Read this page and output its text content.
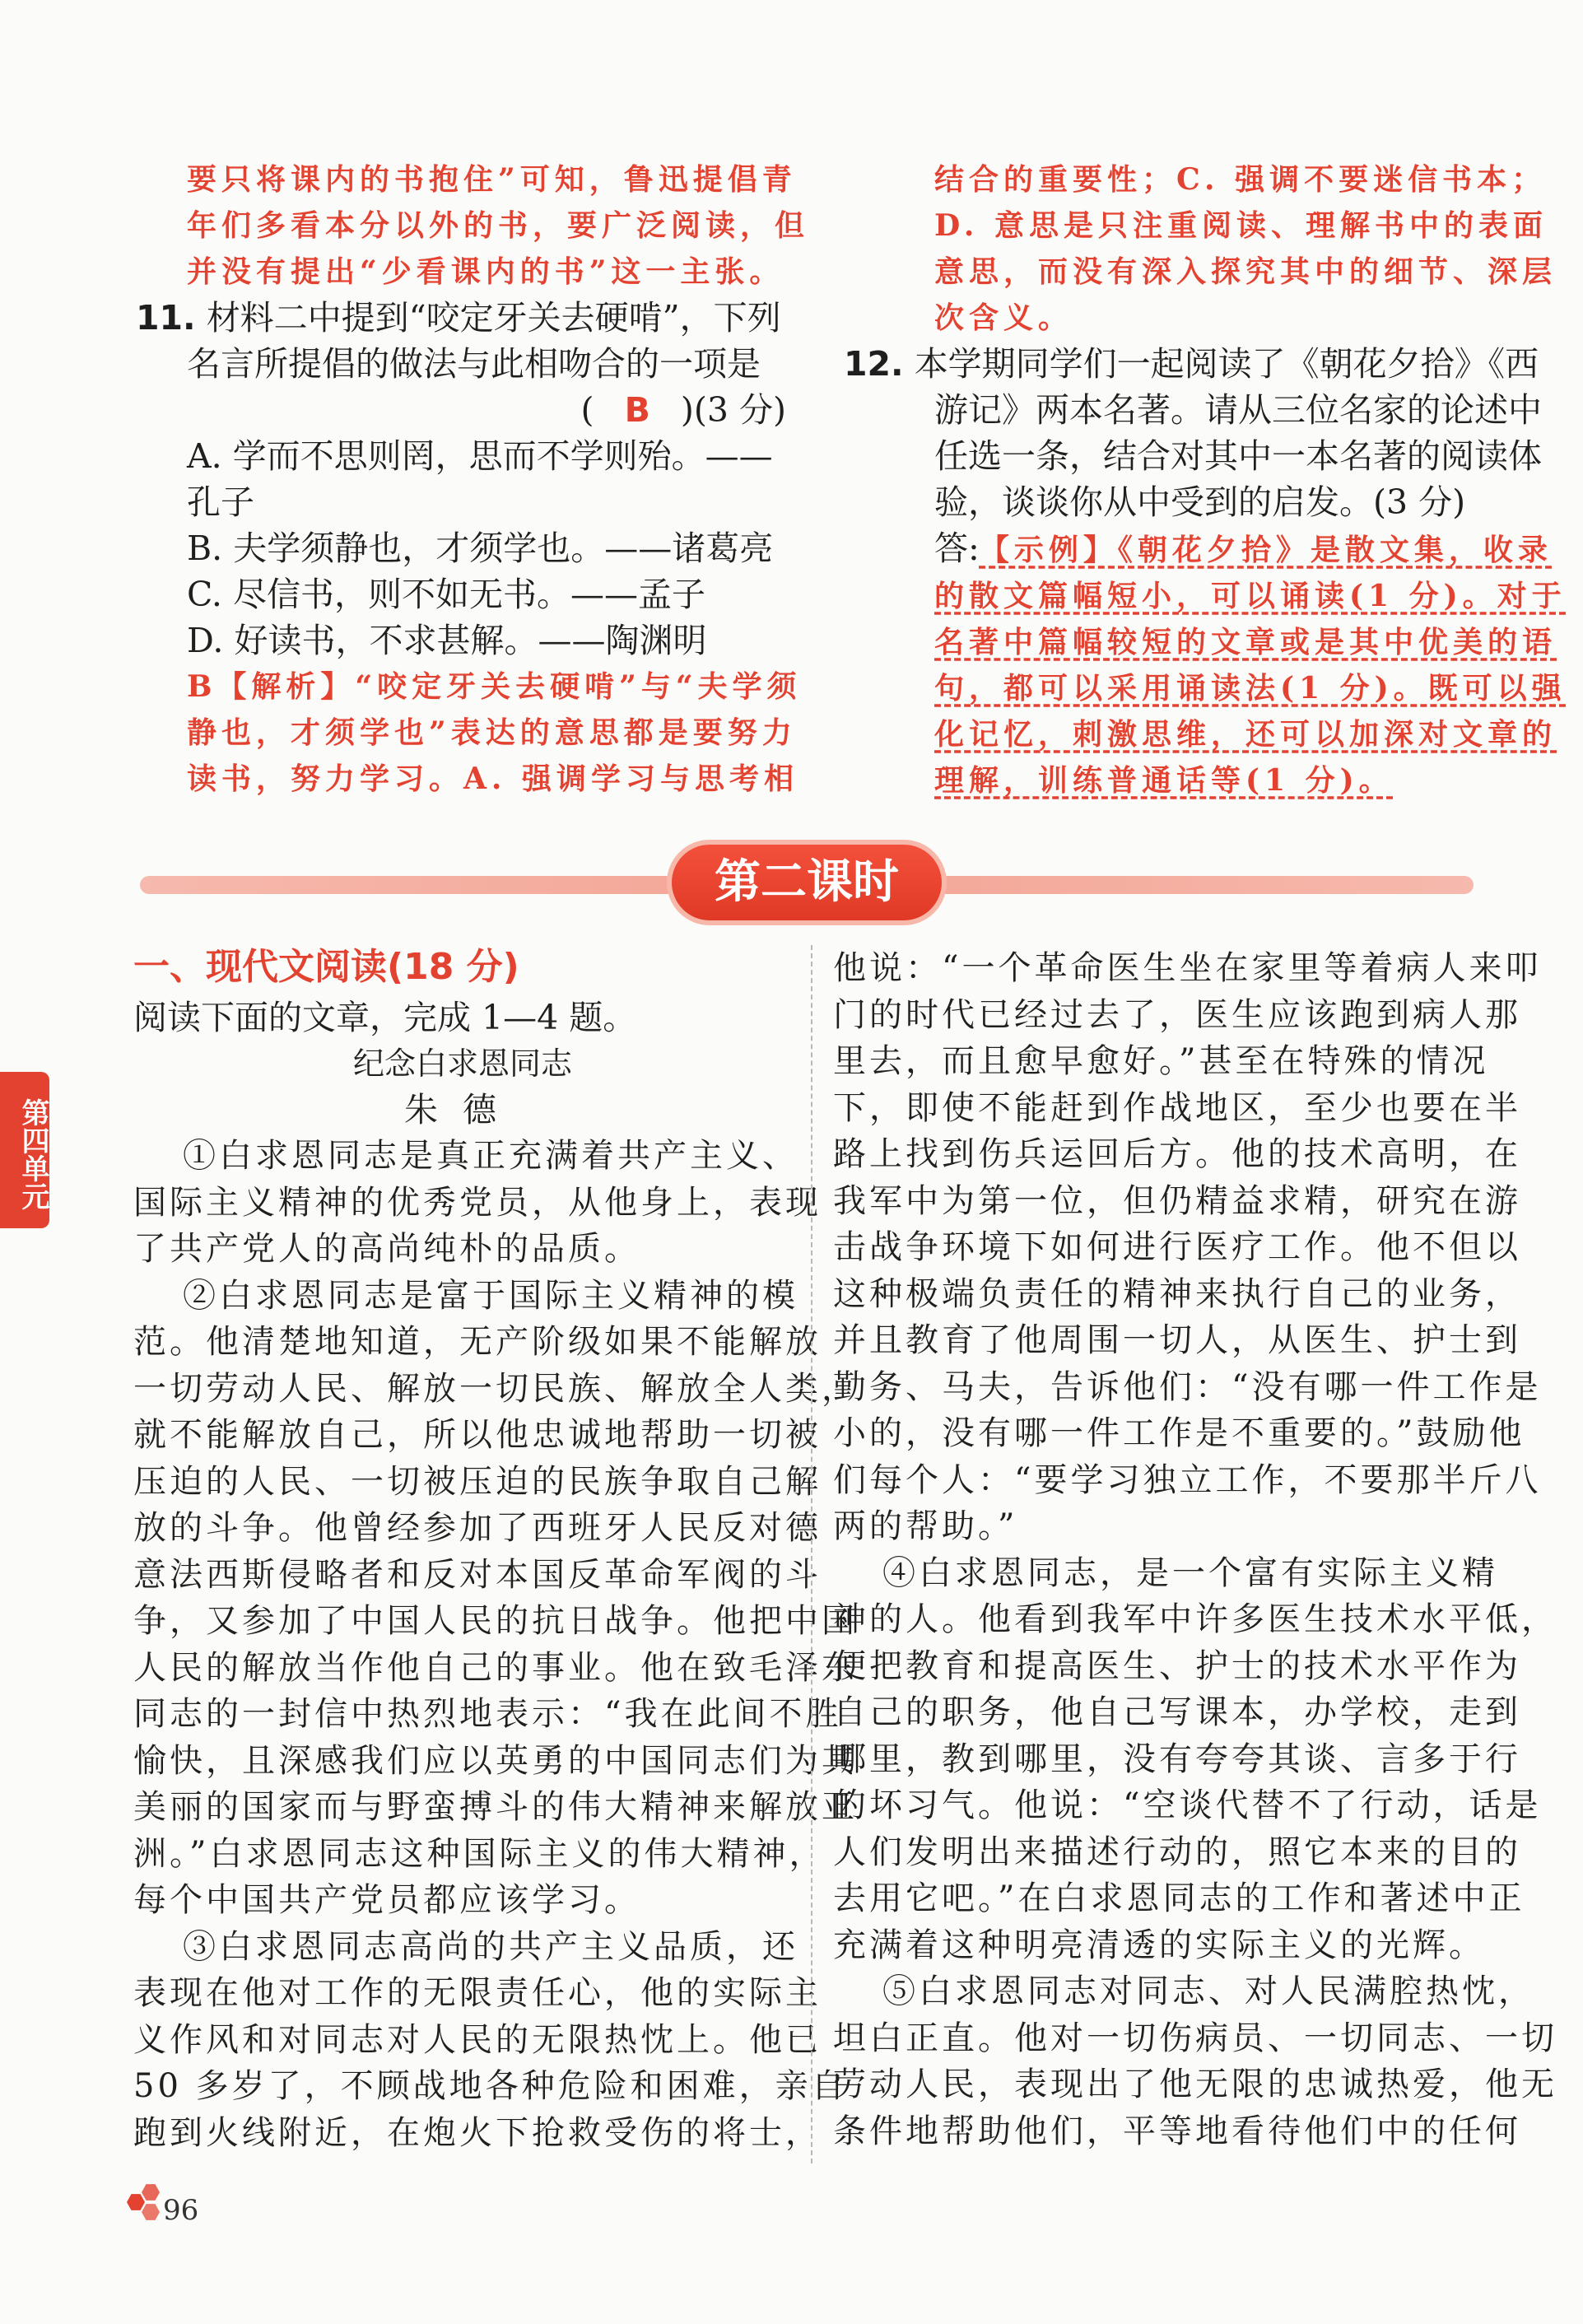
要只将课内的书抱住”可知，鲁迅提倡青
年们多看本分以外的书，要广泛阅读，但
并没有提出“少看课内的书”这一主张。
11. 材料二中提到“咬定牙关去硬啃”，下列
名言所提倡的做法与此相吻合的一项是
( B )(3 分)
A. 学而不思则罔，思而不学则殆。——
孔子
B. 夫学须静也，才须学也。——诸葛亮
C. 尽信书，则不如无书。——孟子
D. 好读书，不求甚解。——陶渊明
B【解析】“咬定牙关去硬啃”与“夫学须
静也，才须学也”表达的意思都是要努力
读书，努力学习。A. 强调学习与思考相
结合的重要性；C. 强调不要迷信书本；
D. 意思是只注重阅读、理解书中的表面
意思，而没有深入探究其中的细节、深层
次含义。
12. 本学期同学们一起阅读了《朝花夕拾》《西
游记》两本名著。请从三位名家的论述中
任选一条，结合对其中一本名著的阅读体
验，谈谈你从中受到的启发。(3 分)
答:【示例】《朝花夕拾》是散文集，收录
的散文篇幅短小，可以诵读(1 分)。对于
名著中篇幅较短的文章或是其中优美的语
句，都可以采用诵读法(1 分)。既可以强
化记忆，刺激思维，还可以加深对文章的
理解，训练普通话等(1 分)。
第二课时
第四单元
一、现代文阅读(18 分)
阅读下面的文章，完成 1—4 题。
纪念白求恩同志
朱德
①白求恩同志是真正充满着共产主义、
国际主义精神的优秀党员，从他身上，表现
了共产党人的高尚纯朴的品质。
②白求恩同志是富于国际主义精神的模
范。他清楚地知道，无产阶级如果不能解放
一切劳动人民、解放一切民族、解放全人类，
就不能解放自己，所以他忠诚地帮助一切被
压迫的人民、一切被压迫的民族争取自己解
放的斗争。他曾经参加了西班牙人民反对德
意法西斯侵略者和反对本国反革命军阀的斗
争，又参加了中国人民的抗日战争。他把中国
人民的解放当作他自己的事业。他在致毛泽东
同志的一封信中热烈地表示：“我在此间不胜
愉快，且深感我们应以英勇的中国同志们为其
美丽的国家而与野蛮搏斗的伟大精神来解放亚
洲。”白求恩同志这种国际主义的伟大精神，
每个中国共产党员都应该学习。
③白求恩同志高尚的共产主义品质，还
表现在他对工作的无限责任心，他的实际主
义作风和对同志对人民的无限热忱上。他已
50 多岁了，不顾战地各种危险和困难，亲自
跑到火线附近，在炮火下抢救受伤的将士，
他说：“一个革命医生坐在家里等着病人来叩
门的时代已经过去了，医生应该跑到病人那
里去，而且愈早愈好。”甚至在特殊的情况
下，即使不能赶到作战地区，至少也要在半
路上找到伤兵运回后方。他的技术高明，在
我军中为第一位，但仍精益求精，研究在游
击战争环境下如何进行医疗工作。他不但以
这种极端负责任的精神来执行自己的业务，
并且教育了他周围一切人，从医生、护士到
勤务、马夫，告诉他们：“没有哪一件工作是
小的，没有哪一件工作是不重要的。”鼓励他
们每个人：“要学习独立工作，不要那半斤八
两的帮助。”
④白求恩同志，是一个富有实际主义精
神的人。他看到我军中许多医生技术水平低，
便把教育和提高医生、护士的技术水平作为
自己的职务，他自己写课本，办学校，走到
哪里，教到哪里，没有夸夸其谈、言多于行
的坏习气。他说：“空谈代替不了行动，话是
人们发明出来描述行动的，照它本来的目的
去用它吧。”在白求恩同志的工作和著述中正
充满着这种明亮清透的实际主义的光辉。
⑤白求恩同志对同志、对人民满腔热忱，
坦白正直。他对一切伤病员、一切同志、一切
劳动人民，表现出了他无限的忠诚热爱，他无
条件地帮助他们，平等地看待他们中的任何
96
